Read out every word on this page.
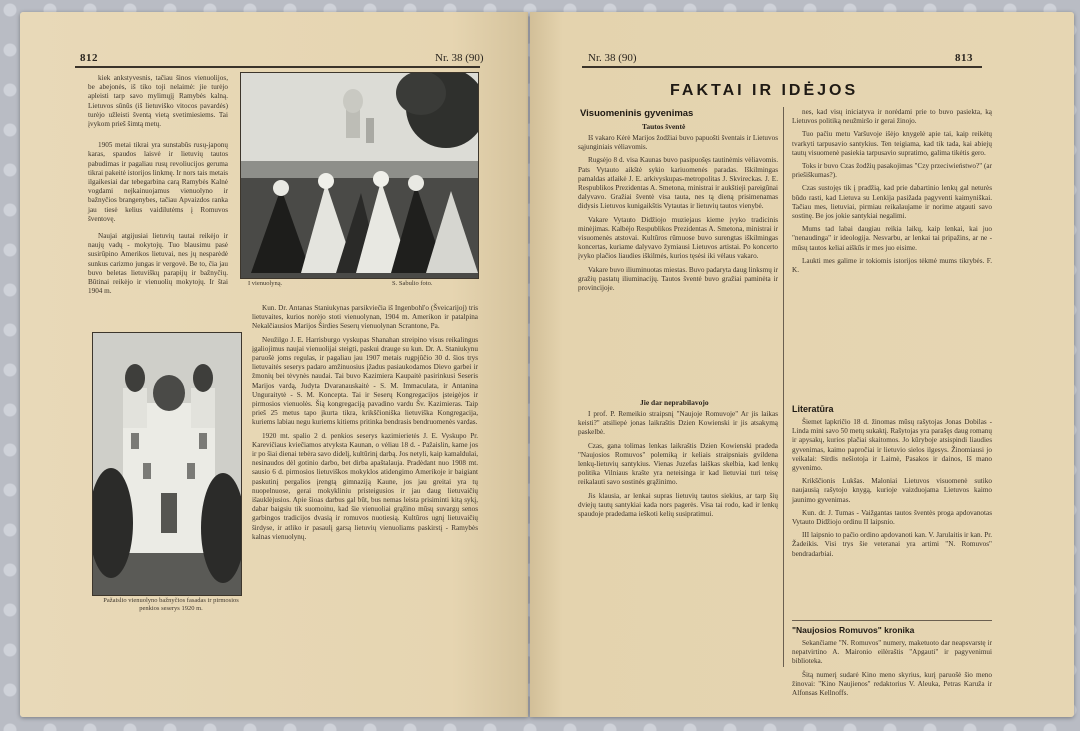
812	Nr. 38 (90)

kiek ankstyvesnis, tačiau šinos vienuolijos, be abejonės, iš tiko toji nelaimė: jie turėjo apleisti tarp savo mylimųjį Ramybės kalną. Lietuvos sūnūs (iš lietuviško vitocos pavardės) turėjo užleisti šventą vietą svetimiesiems. Tai įvykom prieš šimtą metų.

1905 metai tikrai yra sunstabūs rusų-japonų karas, spaudos laisvė ir lietuvių tautos pabudimas ir pagaliau rusų revoliucijos geruma tikrai pakeitė istorijos linkmę. Ir nors tais metais ilgaikesiai dar tebegarbina carą Ramybės Kalnė vogdami nejkainuojamus vienuolyno ir bažnyčios brangenybes, tačiau Apvaizdos ranka jau tiesė kelius vaidilutėms į Romuvos šventovę.

Naujai atgijusiai lietuvių tautai reikėjo ir naujų vadų - mokytojų. Tuo blausimu pasė susirūpino Amerikos lietuvai, nes jų nesparėdė sunkus carizmo jungas ir vergovė. Be to, čia jau buvo beletas lietuviškų parapijų ir bažnyčių. Būtinai reikėjo ir vienuolių mokytojų. Ir štai 1904 m.

I vienuolyną.	S. Sabulio foto.
Pažaislio vienuolyno bažnyčios fasadas ir pirmosios penkios seserys 1920 m.

Kun. Dr. Antanas Staniukynas parsikviečia iš Ingenbohl'o (Šveicarijoj) tris lietuvaites, kurios norėjo stoti vienuolynan, 1904 m. Amerikon ir patalpina Nekalčiausios Marijos Širdies Seserų vienuolynan Scrantone, Pa.

Neužilgo J. E. Harrisburgo vyskupas Shanahan streipino visus reikalingus įgaliojimus naujai vienuolijai steigti, paskui drauge su kun. Dr. A. Staniukynu paruošė joms regulas, ir pagaliau jau 1907 metais rugpjūčio 30 d. šios trys lietuvaitės seserys padaro amžinuosius įžadus pasiaukodamos Dievo garbei ir žmonių bei tėvynės naudai. Tai buvo Kazimiera Kaupaitė pasirinkusi Seseris Marijos vardą, Judyta Dvaranauskaitė - S. M. Immaculata, ir Antanina Unguraitytė - S. M. Koncepta. Tai ir Seserų Kongregacijos įsteigėjos ir pirmosios vienuolės. Šią kongregaciją pavadino vardu Šv. Kazimieras. Taip prieš 25 metus tapo įkurta tikra, krikščioniška lietuviška Kongregacija, kuriems labiau negu kuriems kitiems pritinka bendrasis bendruomenės vardas.

1920 mt. spalio 2 d. penkios seserys kazimierietės J. E. Vyskupo Pr. Karevičiaus kviečiamos atvyksta Kaunan, o vėliau 18 d. - Pažaislin, kame jos ir po šiai dienai tebėra savo didelį, kultūrinį darbą. Jos netyli, kaip kamaldulai, nesinaudos dėl gotinio darbo, bet dirba apaštalauja. Pradėdant nuo 1908 mt. sausio 6 d. pirmosios lietuviškos mokyklos atidengimo Amerikoje ir baigiant paskutinį pergalios įrengtą gimnaziją Kaune, jos jau greitai yra tų nuopelnuose, gerai mokykliniu pristeigusios ir jau daug lietuvaičių išauklėjusios. Apie šioas darbus gal būt, bus nemas leista prisiminti kitą sykį, dabar baigsiu tik suomoinu, kad šie vienuoliai grąžino mūsų suvargų senos garbingos tradicijos dvasią ir romuvos nuotiesią. Kultūros ugnį lietuvaičių širdyse, ir atliko ir pasaulį garsą lietuvių vienuoliams paskirstį - Ramybės kalnas vienuolynų.

Nr. 38 (90)	813
FAKTAI IR IDĖJOS
Visuomeninis gyvenimas
Tautos šventė

Iš vakaro Kėrė Marijos žodžiai buvo papuošti šventais ir Lietuvos sąjunginiais vėliavomis.

Rugsėjo 8 d. visa Kaunas buvo pasipuošęs tautinėmis vėliavomis. Pats Vytauto aikštė sykio kariuomenės paradas. Iškilmingas pamaldas atlaikė J. E. arkivyskupas-metropolitas J. Skvireckas. J. E. Respublikos Prezidentas A. Smetona, ministrai ir aukštieji pareigūnai dalyvavo. Gražiai šventė visa tauta, nes tą dieną prisimenamas didysis Lietuvos kunigaikštis Vytautas ir lietuvių tautos vienybė.

Vakare Vytauto Didžiojo muziejaus kieme įvyko tradicinis minėjimas. Kalbėjo Respublikos Prezidentas A. Smetona, ministrai ir visuomenės atstovai. Kultūros rūmuose buvo surengtas iškilmingas koncertas, kuriame dalyvavo žymiausi Lietuvos artistai. Po koncerto įvyko plačios liaudies iškilmės, kurios tęsėsi iki vėlaus vakaro.

Vakare buvo iliuminuotas miestas. Buvo padaryta daug linksmų ir gražių pastatų iliuminacijų. Tautos šventė buvo gražiai paminėta ir provincijoje.

Jie dar neprabilavojo

I prof. P. Remeikio straipsnį "Naujoje Romuvoje" Ar jis laikas keisti?" atsiliepė jonas laikraštis Dzien Kowienski ir jis atsakymą paskelbė.

Czas, gana tolimas lenkas laikraštis Dzien Kowienski pradeda "Naujosios Romuvos" polemiką ir keliais straipsniais gvildena lenkų-lietuvių santykius. Vienas Juzefas laiškas skelbia, kad lenkų politika Vilniaus krašte yra neteisinga ir kad lietuviai turi teisę reikalauti savo sostinės grąžinimo.

Jis klausia, ar lenkai supras lietuvių tautos siekius, ar tarp šių dviejų tautų santykiai kada nors pagerės. Visa tai rodo, kad ir lenkų spaudoje pradedama ieškoti kelių susipratimui.

nes, kad visų iniciatyva ir norėdami prie to buvo pasiekta, ką Lietuvos politiką neužmiršo ir gerai žinojo.

Tuo pačiu metu Varšuvoje išėjo knygelė apie tai, kaip reikėtų tvarkyti tarpusavio santykius. Ten teigiama, kad tik tada, kai abiejų tautų visuomenė pasiekia tarpusavio supratimo, galima tikėtis gero.

Toks ir buvo Czas žodžių pasakojimas "Czy przeciwieństwo?" (ar priešiškumas?).

Czas sustojęs tik į pradžią, kad prie dabartinio lenkų gal neturės būdo rasti, kad Lietuva su Lenkija pasižada pagyventi kaimyniškai. Tačiau mes, lietuviai, pirmiau reikalaujame ir norime atgauti savo sostinę. Be jos jokie santykiai negalimi.

Mums tad labai daugiau reikia laikų, kaip lenkai, kai juo "nenaudinga" ir ideologija. Nesvarbu, ar lenkai tai pripažins, ar ne - mūsų tautos keliai aiškūs ir mes juo eisime.

Laukti mes galime ir tokiomis istorijos tėkmė mums tikrybės. F. K.

Literatūra

Šiemet lapkričio 18 d. žinomas mūsų rašytojas Jonas Dobilas - Linda mini savo 50 metų sukaktį. Rašytojas yra parašęs daug romanų ir apysakų, kurios plačiai skaitomos. Jo kūryboje atsispindi liaudies gyvenimas, kaimo papročiai ir lietuvio sielos ilgesys. Žinomiausi jo veikalai: Sirdis nešiotoja ir Laimė, Pasakos ir dainos, Iš mano gyvenimo.

Krikščionis Lukšas. Maloniai Lietuvos visuomenė sutiko naujausią rašytojo knygą, kurioje vaizduojama Lietuvos kaimo jaunimo gyvenimas.

Kun. dr. J. Tumas - Vaižgantas tautos šventės proga apdovanotas Vytauto Didžiojo ordinu II laipsnio.

III laipsnio to pačio ordino apdovanoti kan. V. Jarulaitis ir kan. Pr. Žadeikis. Visi trys šie veteranai yra artimi "N. Romuvos" bendradarbiai.

"Naujosios Romuvos" kronika

Sekančiame "N. Romuvos" numery, maketuoto dar neapsvarstę ir nepatvirtino A. Maironio eilėraštis "Apgauti" ir pagyvenimui biblioteka.

Šitą numerį sudarė Kino meno skyrius, kurį paruošė šio meno žinovai: "Kino Naujienos" redaktorius V. Aleuka, Petras Karuža ir Alfonsas Kellnoffs.
